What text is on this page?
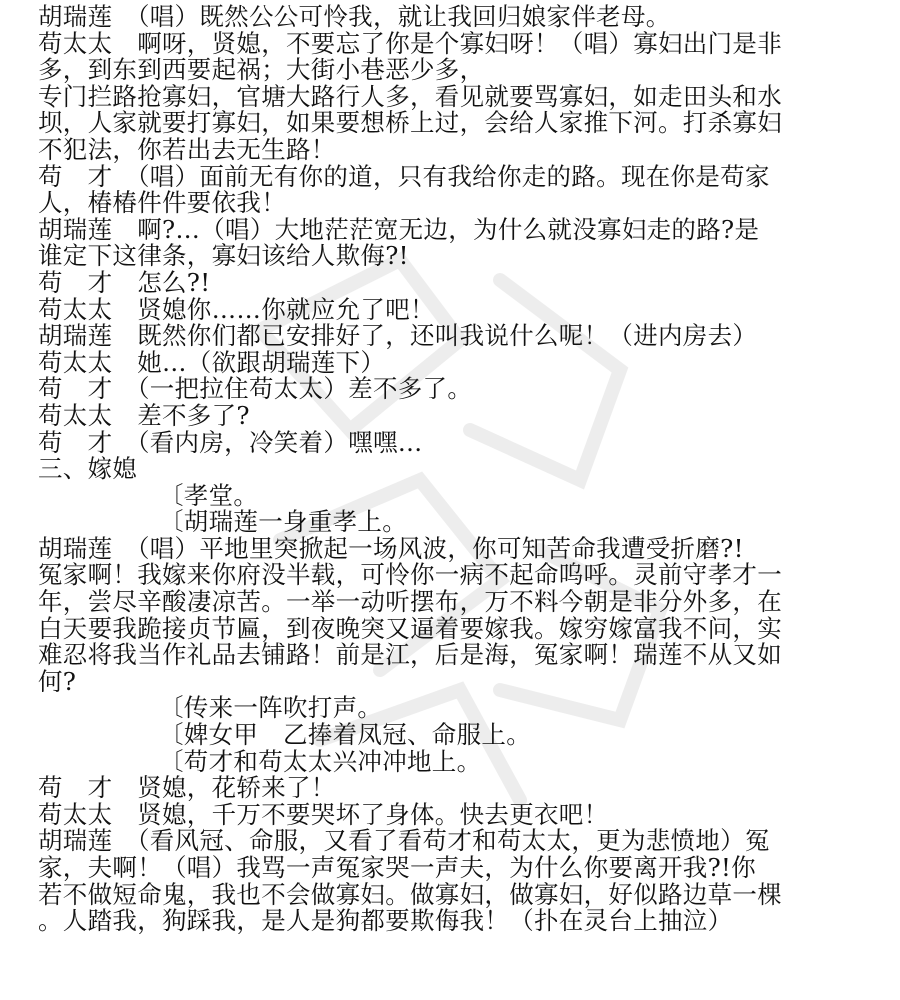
胡瑞莲　（唱）既然公公可怜我，就让我回归娘家伴老母。
苟太太　啊呀，贤媳，不要忘了你是个寡妇呀！（唱）寡妇出门是非
多，到东到西要起祸；大街小巷恶少多，
专门拦路抢寡妇，官塘大路行人多，看见就要骂寡妇，如走田头和水
坝，人家就要打寡妇，如果要想桥上过，会给人家推下河。打杀寡妇
不犯法，你若出去无生路！
苟　才　（唱）面前无有你的道，只有我给你走的路。现在你是苟家
人，椿椿件件要依我！
胡瑞莲　啊?…（唱）大地茫茫宽无边，为什么就没寡妇走的路?是
谁定下这律条，寡妇该给人欺侮?!
苟　才　怎么?!
苟太太　贤媳你……你就应允了吧！
胡瑞莲　既然你们都已安排好了，还叫我说什么呢！（进内房去）
苟太太　她…（欲跟胡瑞莲下）
苟　才　（一把拉住苟太太）差不多了。
苟太太　差不多了?
苟　才　（看内房，冷笑着）嘿嘿…
三、嫁媳
〔孝堂。
〔胡瑞莲一身重孝上。
胡瑞莲　（唱）平地里突掀起一场风波，你可知苦命我遭受折磨?!
冤家啊！我嫁来你府没半载，可怜你一病不起命呜呼。灵前守孝才一
年，尝尽辛酸凄凉苦。一举一动听摆布，万不料今朝是非分外多，在
白天要我跪接贞节匾，到夜晚突又逼着要嫁我。嫁穷嫁富我不问，实
难忍将我当作礼品去铺路！前是江，后是海，冤家啊！瑞莲不从又如
何?
〔传来一阵吹打声。
〔婢女甲　乙捧着凤冠、命服上。
〔苟才和苟太太兴冲冲地上。
苟　才　贤媳，花轿来了！
苟太太　贤媳，千万不要哭坏了身体。快去更衣吧！
胡瑞莲　（看风冠、命服，又看了看苟才和苟太太，更为悲愤地）冤
家，夫啊！（唱）我骂一声冤家哭一声夫，为什么你要离开我?!你
若不做短命鬼，我也不会做寡妇。做寡妇，做寡妇，好似路边草一棵
。人踏我，狗踩我，是人是狗都要欺侮我！（扑在灵台上抽泣）
